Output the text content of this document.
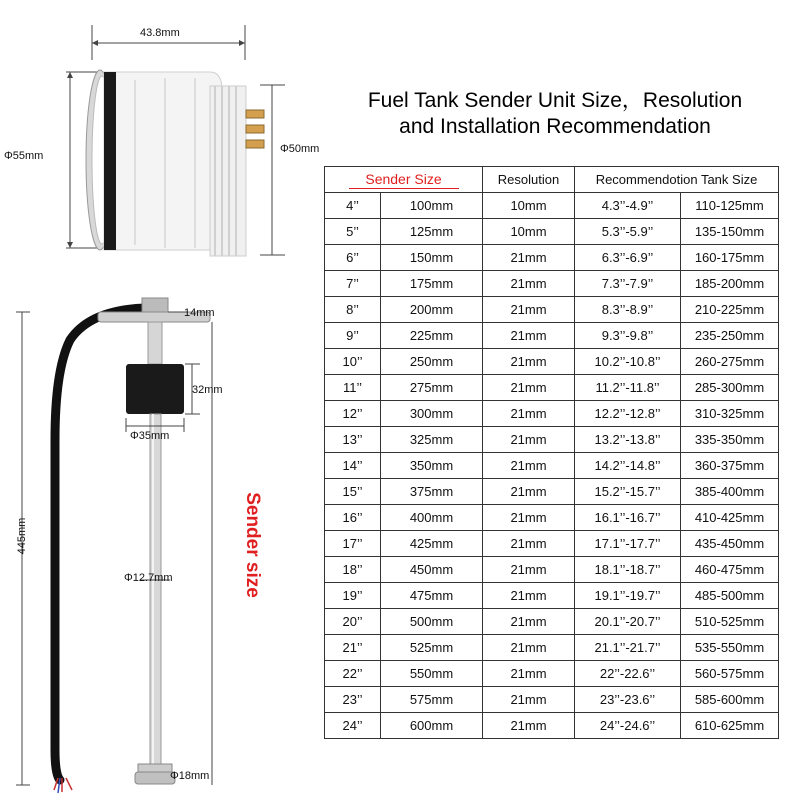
43.8mm
Φ55mm
Φ50mm
14mm
32mm
Φ35mm
445mm
Φ12.7mm
Φ18mm
Sender size
Fuel Tank Sender Unit Size，Resolution
and Installation Recommendation
Sender Size		Resolution	Recommendotion Tank Size	
4’’	100mm	10mm	4.3’’-4.9’’	110-125mm
5’’	125mm	10mm	5.3’’-5.9’’	135-150mm
6’’	150mm	21mm	6.3’’-6.9’’	160-175mm
7’’	175mm	21mm	7.3’’-7.9’’	185-200mm
8’’	200mm	21mm	8.3’’-8.9’’	210-225mm
9’’	225mm	21mm	9.3’’-9.8’’	235-250mm
10’’	250mm	21mm	10.2’’-10.8’’	260-275mm
11’’	275mm	21mm	11.2’’-11.8’’	285-300mm
12’’	300mm	21mm	12.2’’-12.8’’	310-325mm
13’’	325mm	21mm	13.2’’-13.8’’	335-350mm
14’’	350mm	21mm	14.2’’-14.8’’	360-375mm
15’’	375mm	21mm	15.2’’-15.7’’	385-400mm
16’’	400mm	21mm	16.1’’-16.7’’	410-425mm
17’’	425mm	21mm	17.1’’-17.7’’	435-450mm
18’’	450mm	21mm	18.1’’-18.7’’	460-475mm
19’’	475mm	21mm	19.1’’-19.7’’	485-500mm
20’’	500mm	21mm	20.1’’-20.7’’	510-525mm
21’’	525mm	21mm	21.1’’-21.7’’	535-550mm
22’’	550mm	21mm	22’’-22.6’’	560-575mm
23’’	575mm	21mm	23’’-23.6’’	585-600mm
24’’	600mm	21mm	24’’-24.6’’	610-625mm
